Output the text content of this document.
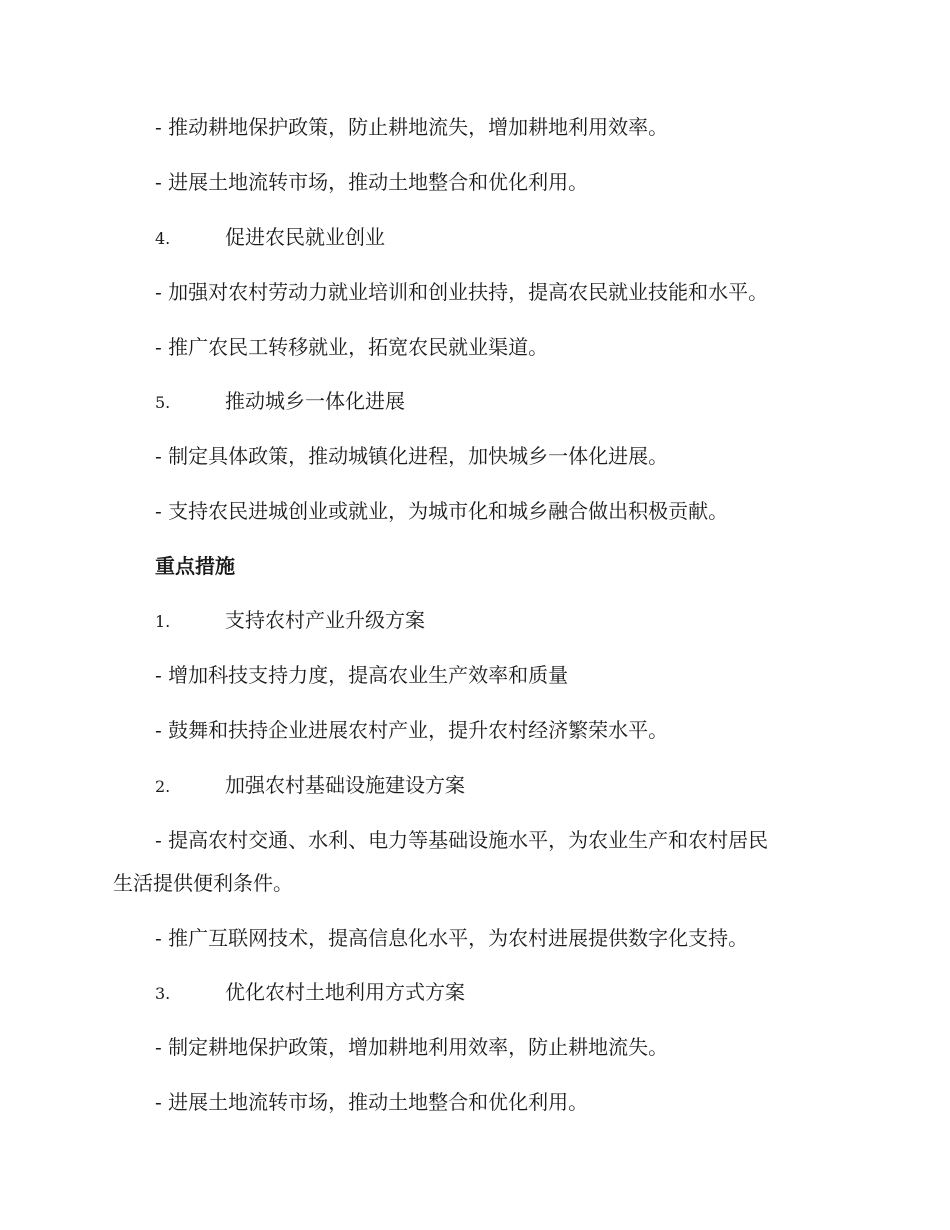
- 推动耕地保护政策，防止耕地流失，增加耕地利用效率。
- 进展土地流转市场，推动土地整合和优化利用。
4.	促进农民就业创业
- 加强对农村劳动力就业培训和创业扶持，提高农民就业技能和水平。
- 推广农民工转移就业，拓宽农民就业渠道。
5.	推动城乡一体化进展
- 制定具体政策，推动城镇化进程，加快城乡一体化进展。
- 支持农民进城创业或就业，为城市化和城乡融合做出积极贡献。
重点措施
1.	支持农村产业升级方案
- 增加科技支持力度，提高农业生产效率和质量
- 鼓舞和扶持企业进展农村产业，提升农村经济繁荣水平。
2.	加强农村基础设施建设方案
- 提高农村交通、水利、电力等基础设施水平，为农业生产和农村居民
生活提供便利条件。
- 推广互联网技术，提高信息化水平，为农村进展提供数字化支持。
3.	优化农村土地利用方式方案
- 制定耕地保护政策，增加耕地利用效率，防止耕地流失。
- 进展土地流转市场，推动土地整合和优化利用。
